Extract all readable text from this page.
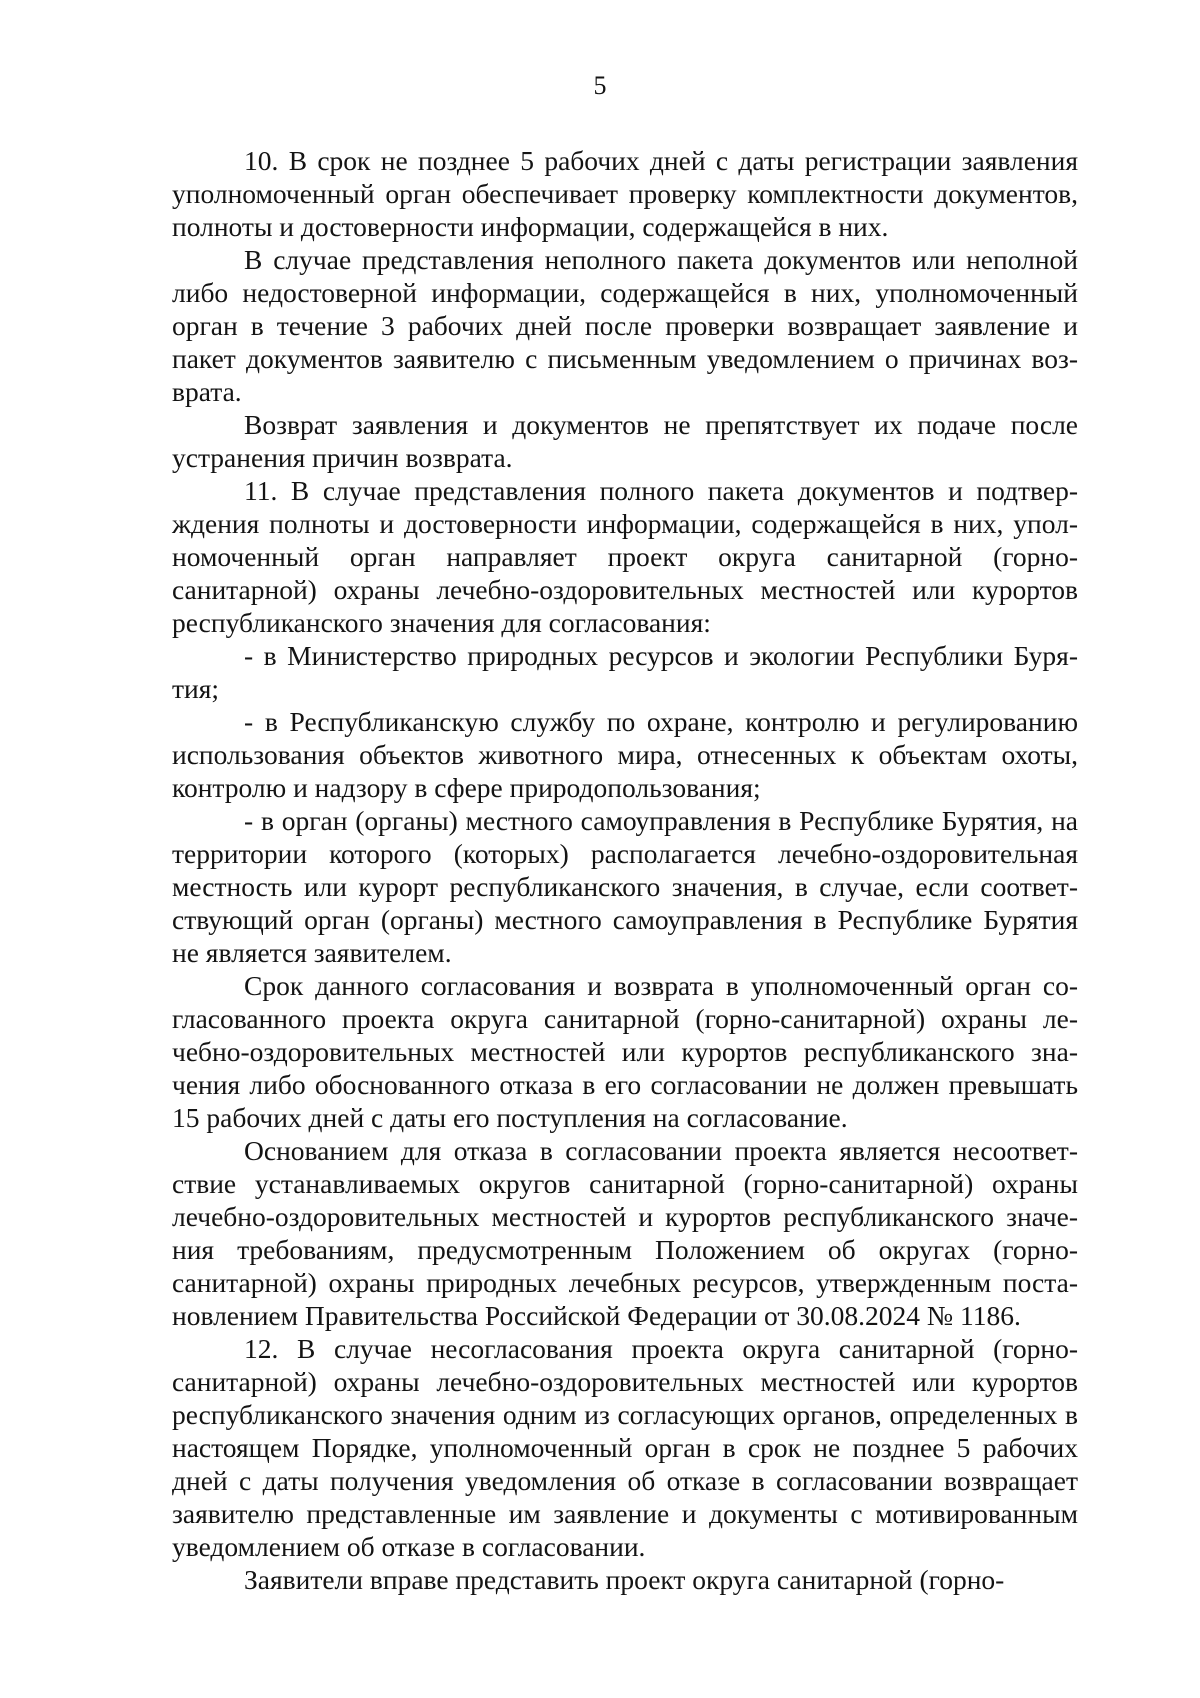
5

10. В срок не позднее 5 рабочих дней с даты регистрации заявления уполномоченный орган обеспечивает проверку комплектности документов, полноты и достоверности информации, содержащейся в них.

В случае представления неполного пакета документов или неполной либо недостоверной информации, содержащейся в них, уполномоченный орган в течение 3 рабочих дней после проверки возвращает заявление и пакет документов заявителю с письменным уведомлением о причинах возврата.

Возврат заявления и документов не препятствует их подаче после устранения причин возврата.

11. В случае представления полного пакета документов и подтверждения полноты и достоверности информации, содержащейся в них, уполномоченный орган направляет проект округа санитарной (горно-санитарной) охраны лечебно-оздоровительных местностей или курортов республиканского значения для согласования:

- в Министерство природных ресурсов и экологии Республики Бурятия;

- в Республиканскую службу по охране, контролю и регулированию использования объектов животного мира, отнесенных к объектам охоты, контролю и надзору в сфере природопользования;

- в орган (органы) местного самоуправления в Республике Бурятия, на территории которого (которых) располагается лечебно-оздоровительная местность или курорт республиканского значения, в случае, если соответствующий орган (органы) местного самоуправления в Республике Бурятия не является заявителем.

Срок данного согласования и возврата в уполномоченный орган согласованного проекта округа санитарной (горно-санитарной) охраны лечебно-оздоровительных местностей или курортов республиканского значения либо обоснованного отказа в его согласовании не должен превышать 15 рабочих дней с даты его поступления на согласование.

Основанием для отказа в согласовании проекта является несоответствие устанавливаемых округов санитарной (горно-санитарной) охраны лечебно-оздоровительных местностей и курортов республиканского значения требованиям, предусмотренным Положением об округах (горно-санитарной) охраны природных лечебных ресурсов, утвержденным постановлением Правительства Российской Федерации от 30.08.2024 № 1186.

12. В случае несогласования проекта округа санитарной (горно-санитарной) охраны лечебно-оздоровительных местностей или курортов республиканского значения одним из согласующих органов, определенных в настоящем Порядке, уполномоченный орган в срок не позднее 5 рабочих дней с даты получения уведомления об отказе в согласовании возвращает заявителю представленные им заявление и документы с мотивированным уведомлением об отказе в согласовании.

Заявители вправе представить проект округа санитарной (горно-
